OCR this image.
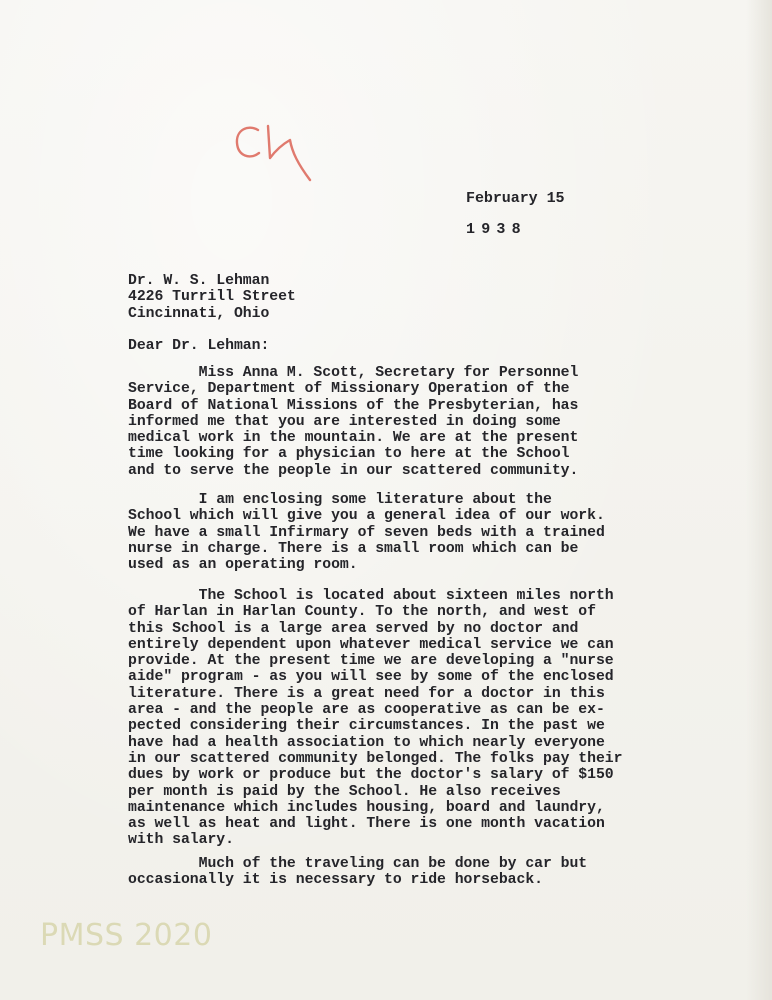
February 15

1938

Dr. W. S. Lehman
4226 Turrill Street
Cincinnati, Ohio

Dear Dr. Lehman:

Miss Anna M. Scott, Secretary for Personnel
Service, Department of Missionary Operation of the
Board of National Missions of the Presbyterian, has
informed me that you are interested in doing some
medical work in the mountain. We are at the present
time looking for a physician to here at the School
and to serve the people in our scattered community.
I am enclosing some literature about the
School which will give you a general idea of our work.
We have a small Infirmary of seven beds with a trained
nurse in charge. There is a small room which can be
used as an operating room.
The School is located about sixteen miles north
of Harlan in Harlan County. To the north, and west of
this School is a large area served by no doctor and
entirely dependent upon whatever medical service we can
provide. At the present time we are developing a "nurse
aide" program - as you will see by some of the enclosed
literature. There is a great need for a doctor in this
area - and the people are as cooperative as can be ex-
pected considering their circumstances. In the past we
have had a health association to which nearly everyone
in our scattered community belonged. The folks pay their
dues by work or produce but the doctor's salary of $150
per month is paid by the School. He also receives
maintenance which includes housing, board and laundry,
as well as heat and light. There is one month vacation
with salary.
Much of the traveling can be done by car but
occasionally it is necessary to ride horseback.
PMSS 2020
